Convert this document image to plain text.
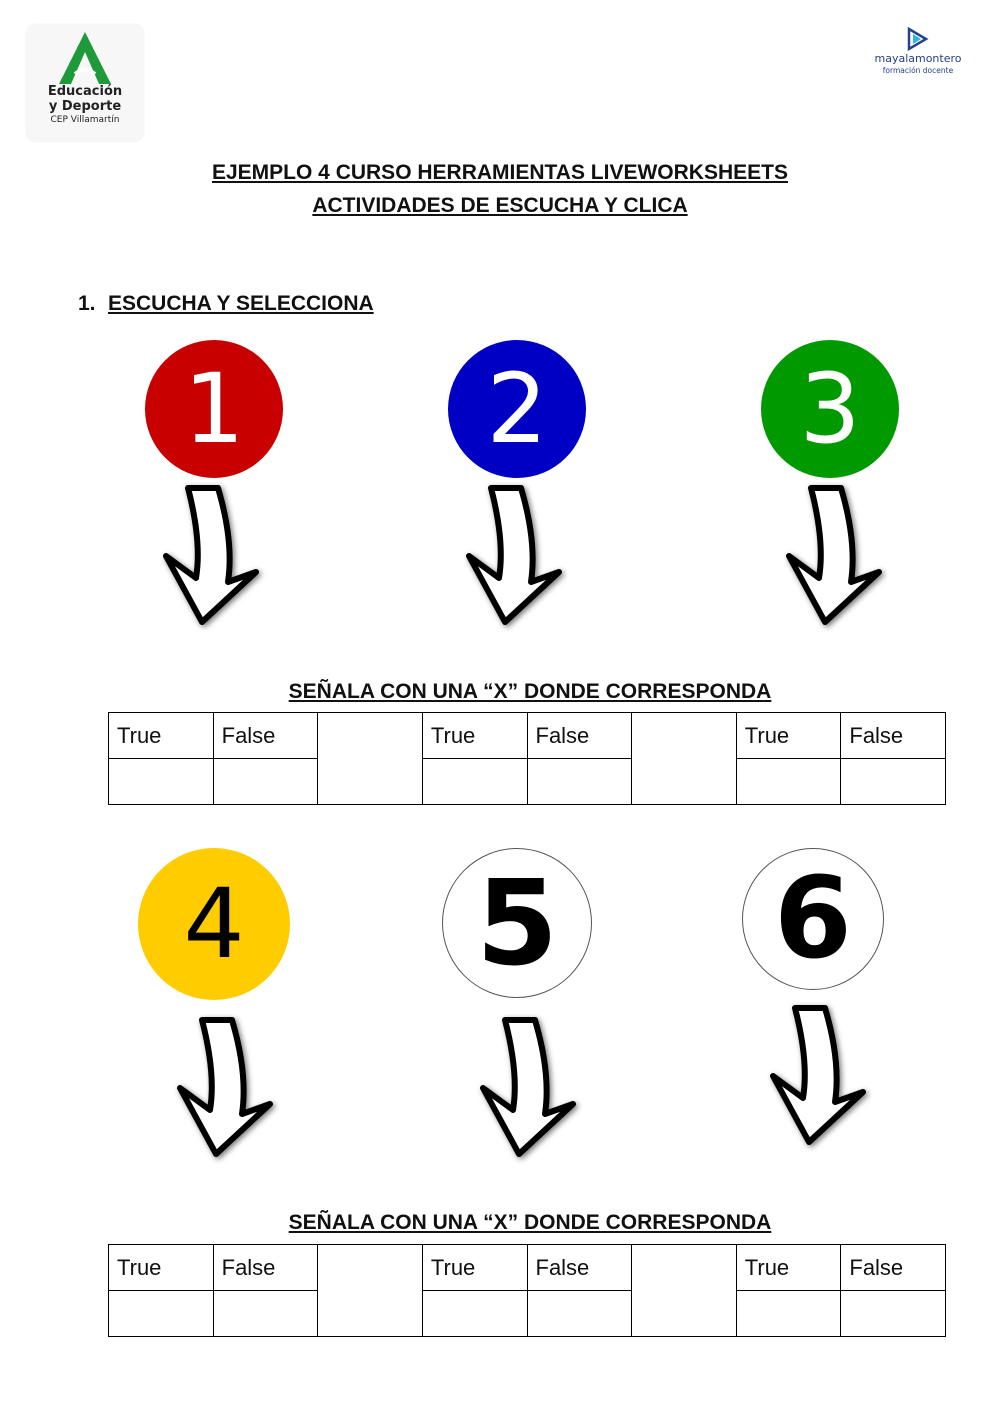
Educación
y Deporte
CEP Villamartín
mayalamontero
formación docente
EJEMPLO 4 CURSO HERRAMIENTAS LIVEWORKSHEETS
ACTIVIDADES DE ESCUCHA Y CLICA
1. ESCUCHA Y SELECCIONA
1	2	3
SEÑALA CON UNA “X” DONDE CORRESPONDA
True	False		True	False		True	False

4 5 6
SEÑALA CON UNA “X” DONDE CORRESPONDA
True	False		True	False		True	False
